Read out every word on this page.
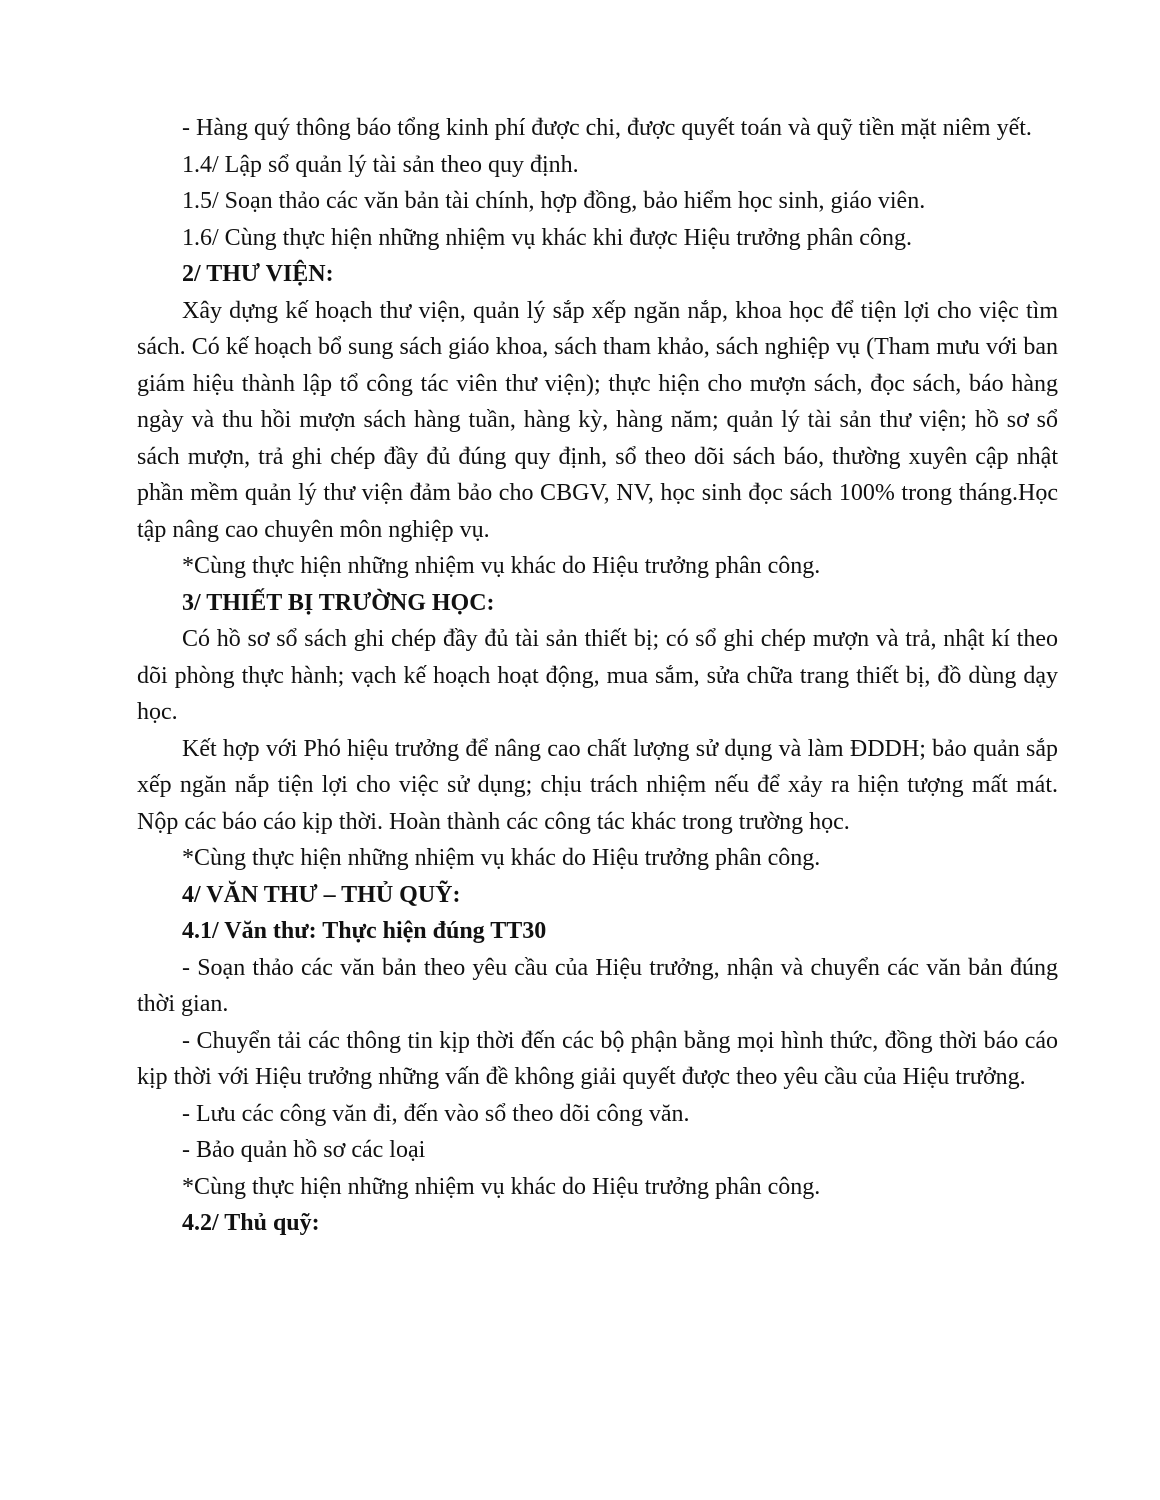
- Hàng quý thông báo tổng kinh phí được chi, được quyết toán và quỹ tiền mặt niêm yết.

1.4/ Lập sổ quản lý tài sản theo quy định.

1.5/ Soạn thảo các văn bản tài chính, hợp đồng, bảo hiểm học sinh, giáo viên.

1.6/ Cùng thực hiện những nhiệm vụ khác khi được Hiệu trưởng phân công.

2/ THƯ VIỆN:

Xây dựng kế hoạch thư viện, quản lý sắp xếp ngăn nắp, khoa học để tiện lợi cho việc tìm sách. Có kế hoạch bổ sung sách giáo khoa, sách tham khảo, sách nghiệp vụ (Tham mưu với ban giám hiệu thành lập tổ công tác viên thư viện); thực hiện cho mượn sách, đọc sách, báo hàng ngày và thu hồi mượn sách hàng tuần, hàng kỳ, hàng năm; quản lý tài sản thư viện; hồ sơ sổ sách mượn, trả ghi chép đầy đủ đúng quy định, sổ theo dõi sách báo, thường xuyên cập nhật phần mềm quản lý thư viện đảm bảo cho CBGV, NV, học sinh đọc sách 100% trong tháng.Học tập nâng cao chuyên môn nghiệp vụ.

*Cùng thực hiện những nhiệm vụ khác do Hiệu trưởng phân công.

3/ THIẾT BỊ TRƯỜNG HỌC:

Có hồ sơ sổ sách ghi chép đầy đủ tài sản thiết bị; có sổ ghi chép mượn và trả, nhật kí theo dõi phòng thực hành; vạch kế hoạch hoạt động, mua sắm, sửa chữa trang thiết bị, đồ dùng dạy học.

Kết hợp với Phó hiệu trưởng để nâng cao chất lượng sử dụng và làm ĐDDH; bảo quản sắp xếp ngăn nắp tiện lợi cho việc sử dụng; chịu trách nhiệm nếu để xảy ra hiện tượng mất mát. Nộp các báo cáo kịp thời. Hoàn thành các công tác khác trong trường học.

*Cùng thực hiện những nhiệm vụ khác do Hiệu trưởng phân công.

4/ VĂN THƯ – THỦ QUỸ:

4.1/ Văn thư: Thực hiện đúng TT30

- Soạn thảo các văn bản theo yêu cầu của Hiệu trưởng, nhận và chuyển các văn bản đúng thời gian.

- Chuyển tải các thông tin kịp thời đến các bộ phận bằng mọi hình thức, đồng thời báo cáo kịp thời với Hiệu trưởng những vấn đề không giải quyết được theo yêu cầu của Hiệu trưởng.

- Lưu các công văn đi, đến vào sổ theo dõi công văn.

- Bảo quản hồ sơ các loại

*Cùng thực hiện những nhiệm vụ khác do Hiệu trưởng phân công.

4.2/ Thủ quỹ:
